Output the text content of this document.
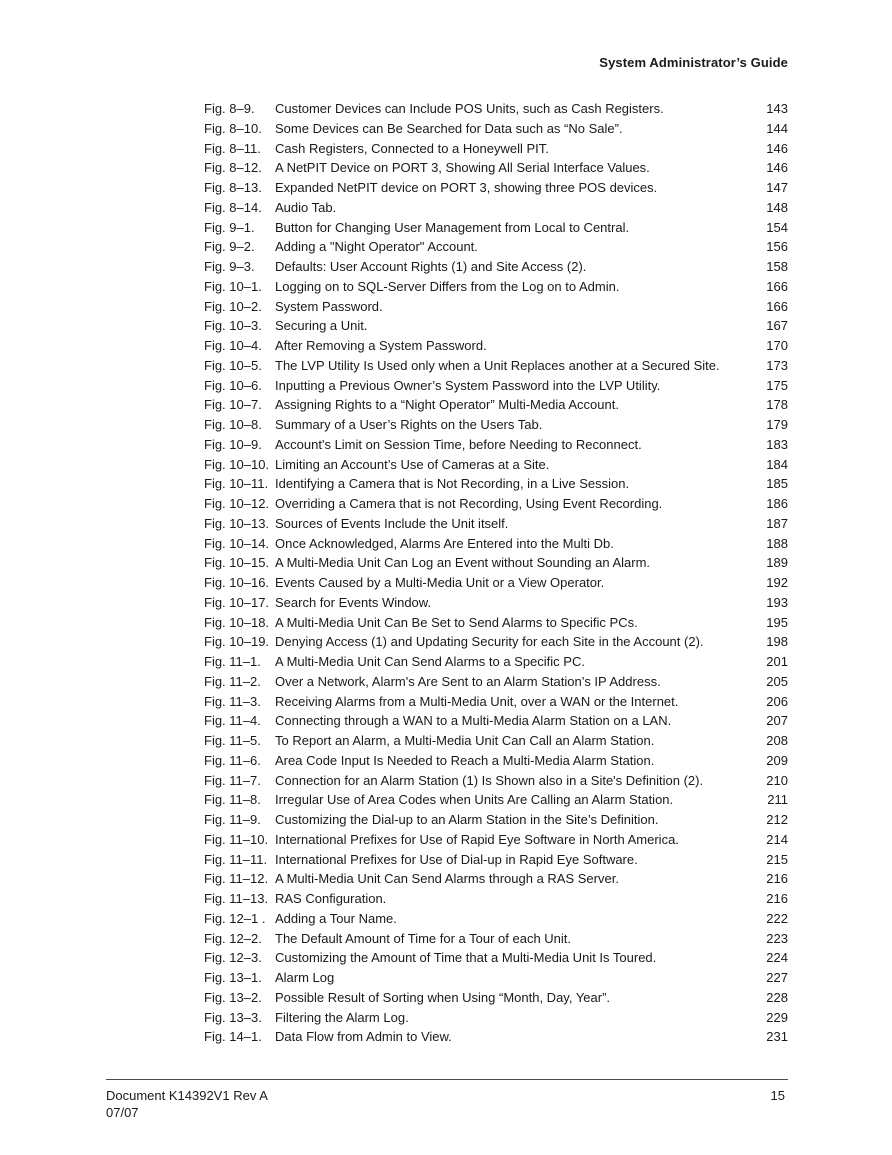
System Administrator’s Guide
Fig. 8–9. Customer Devices can Include POS Units, such as Cash Registers.	143
Fig. 8–10. Some Devices can Be Searched for Data such as “No Sale”.	144
Fig. 8–11. Cash Registers, Connected to a Honeywell PIT.	146
Fig. 8–12. A NetPIT Device on PORT 3, Showing All Serial Interface Values.	146
Fig. 8–13. Expanded NetPIT device on PORT 3, showing three POS devices.	147
Fig. 8–14. Audio Tab.	148
Fig. 9–1. Button for Changing User Management from Local to Central.	154
Fig. 9–2. Adding a "Night Operator" Account.	156
Fig. 9–3. Defaults: User Account Rights (1) and Site Access (2).	158
Fig. 10–1. Logging on to SQL-Server Differs from the Log on to Admin.	166
Fig. 10–2. System Password.	166
Fig. 10–3. Securing a Unit.	167
Fig. 10–4. After Removing a System Password.	170
Fig. 10–5. The LVP Utility Is Used only when a Unit Replaces another at a Secured Site.	173
Fig. 10–6. Inputting a Previous Owner’s System Password into the LVP Utility.	175
Fig. 10–7. Assigning Rights to a “Night Operator” Multi-Media Account.	178
Fig. 10–8. Summary of a User’s Rights on the Users Tab.	179
Fig. 10–9. Account's Limit on Session Time, before Needing to Reconnect.	183
Fig. 10–10. Limiting an Account’s Use of Cameras at a Site.	184
Fig. 10–11. Identifying a Camera that is Not Recording, in a Live Session.	185
Fig. 10–12. Overriding a Camera that is not Recording, Using Event Recording.	186
Fig. 10–13. Sources of Events Include the Unit itself.	187
Fig. 10–14. Once Acknowledged, Alarms Are Entered into the Multi Db.	188
Fig. 10–15. A Multi-Media Unit Can Log an Event without Sounding an Alarm.	189
Fig. 10–16. Events Caused by a Multi-Media Unit or a View Operator.	192
Fig. 10–17. Search for Events Window.	193
Fig. 10–18. A Multi-Media Unit Can Be Set to Send Alarms to Specific PCs.	195
Fig. 10–19. Denying Access (1) and Updating Security for each Site in the Account (2).	198
Fig. 11–1. A Multi-Media Unit Can Send Alarms to a Specific PC.	201
Fig. 11–2. Over a Network, Alarm's Are Sent to an Alarm Station’s IP Address.	205
Fig. 11–3. Receiving Alarms from a Multi-Media Unit, over a WAN or the Internet.	206
Fig. 11–4. Connecting through a WAN to a Multi-Media Alarm Station on a LAN.	207
Fig. 11–5. To Report an Alarm, a Multi-Media Unit Can Call an Alarm Station.	208
Fig. 11–6. Area Code Input Is Needed to Reach a Multi-Media Alarm Station.	209
Fig. 11–7. Connection for an Alarm Station (1) Is Shown also in a Site's Definition (2).	210
Fig. 11–8. Irregular Use of Area Codes when Units Are Calling an Alarm Station.	211
Fig. 11–9. Customizing the Dial-up to an Alarm Station in the Site’s Definition.	212
Fig. 11–10. International Prefixes for Use of Rapid Eye Software in North America.	214
Fig. 11–11. International Prefixes for Use of Dial-up in Rapid Eye Software.	215
Fig. 11–12. A Multi-Media Unit Can Send Alarms through a RAS Server.	216
Fig. 11–13. RAS Configuration.	216
Fig. 12–1 . Adding a Tour Name.	222
Fig. 12–2. The Default Amount of Time for a Tour of each Unit.	223
Fig. 12–3. Customizing the Amount of Time that a Multi-Media Unit Is Toured.	224
Fig. 13–1. Alarm Log	227
Fig. 13–2. Possible Result of Sorting when Using “Month, Day, Year”.	228
Fig. 13–3. Filtering the Alarm Log.	229
Fig. 14–1. Data Flow from Admin to View.	231
Document K14392V1 Rev A
07/07
15
